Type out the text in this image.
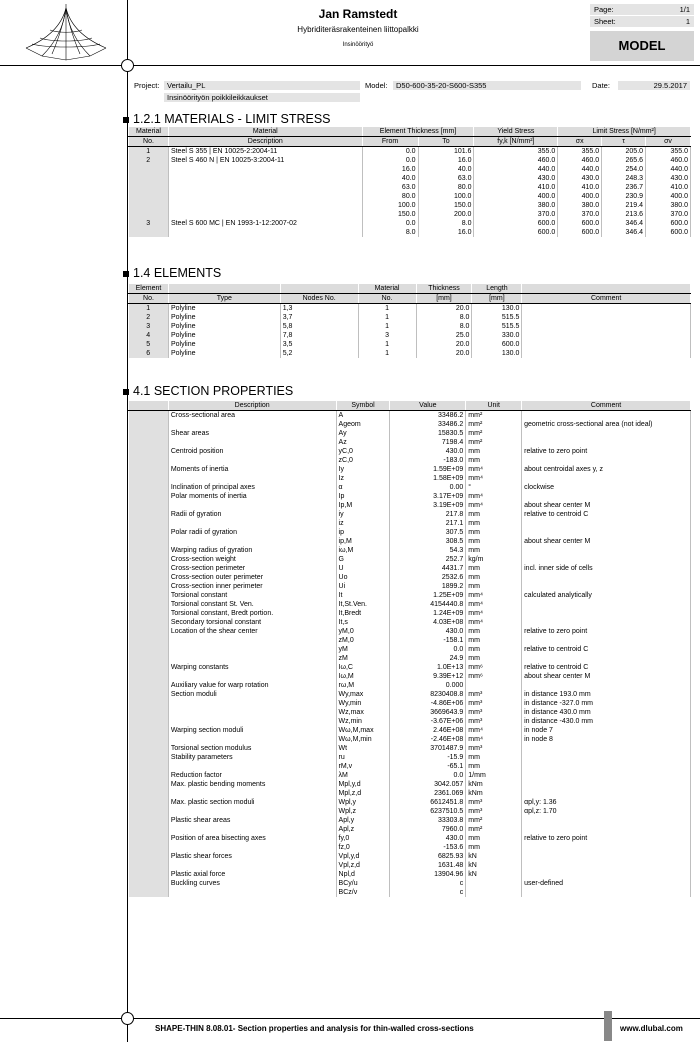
Jan Ramstedt
Hybriditeräsrakenteinen liittopalkki
Insinöörityö
Page:	1/1
Sheet:	1
MODEL
Project:	Vertailu_PL
Insinöörityön poikkileikkaukset
Model:	D50-600-35-20-S600-S355	Date:	29.5.2017
1.2.1 MATERIALS - LIMIT STRESS
Material	Material	Element Thickness [mm]		Yield Stress	Limit Stress [N/mm²]		
No.	Description	From	To	fy,k [N/mm²]	σx	τ	σv
1	Steel S 355 | EN 10025-2:2004-11	0.0	101.6	355.0	355.0	205.0	355.0
2	Steel S 460 N | EN 10025-3:2004-11	0.0	16.0	460.0	460.0	265.6	460.0
		16.0	40.0	440.0	440.0	254.0	440.0
		40.0	63.0	430.0	430.0	248.3	430.0
		63.0	80.0	410.0	410.0	236.7	410.0
		80.0	100.0	400.0	400.0	230.9	400.0
		100.0	150.0	380.0	380.0	219.4	380.0
		150.0	200.0	370.0	370.0	213.6	370.0
3	Steel S 600 MC | EN 1993-1-12:2007-02	0.0	8.0	600.0	600.0	346.4	600.0
		8.0	16.0	600.0	600.0	346.4	600.0
1.4 ELEMENTS
Element			Material	Thickness	Length	
No.	Type	Nodes No.	No.	[mm]	[mm]	Comment
1	Polyline	1,3	1	20.0	130.0	
2	Polyline	3,7	1	8.0	515.5	
3	Polyline	5,8	1	8.0	515.5	
4	Polyline	7,8	3	25.0	330.0	
5	Polyline	3,5	1	20.0	600.0	
6	Polyline	5,2	1	20.0	130.0	
4.1 SECTION PROPERTIES
	Description	Symbol	Value	Unit	Comment
	Cross-sectional area	A	33486.2	mm²	
		Ageom	33486.2	mm²	geometric cross-sectional area (not ideal)
	Shear areas	Ay	15830.5	mm²	
		Az	7198.4	mm²	
	Centroid position	yC,0	430.0	mm	relative to zero point
		zC,0	-183.0	mm	
	Moments of inertia	Iy	1.59E+09	mm⁴	about centroidal axes y, z
		Iz	1.58E+09	mm⁴	
	Inclination of principal axes	α	0.00	°	clockwise
	Polar moments of inertia	Ip	3.17E+09	mm⁴	
		Ip,M	3.19E+09	mm⁴	about shear center M
	Radii of gyration	iy	217.8	mm	relative to centroid C
		iz	217.1	mm	
	Polar radii of gyration	ip	307.5	mm	
		ip,M	308.5	mm	about shear center M
	Warping radius of gyration	iω,M	54.3	mm	
	Cross-section weight	G	252.7	kg/m	
	Cross-section perimeter	U	4431.7	mm	incl. inner side of cells
	Cross-section outer perimeter	Uo	2532.6	mm	
	Cross-section inner perimeter	Ui	1899.2	mm	
	Torsional constant	It	1.25E+09	mm⁴	calculated analytically
	Torsional constant St. Ven.	It,St.Ven.	4154440.8	mm⁴	
	Torsional constant, Bredt portion.	It,Bredt	1.24E+09	mm⁴	
	Secondary torsional constant	It,s	4.03E+08	mm⁴	
	Location of the shear center	yM,0	430.0	mm	relative to zero point
		zM,0	-158.1	mm	
		yM	0.0	mm	relative to centroid C
		zM	24.9	mm	
	Warping constants	Iω,C	1.0E+13	mm⁶	relative to centroid C
		Iω,M	9.39E+12	mm⁶	about shear center M
	Auxiliary value for warp rotation	rω,M	0.000		
	Section moduli	Wy,max	8230408.8	mm³	in distance 193.0 mm
		Wy,min	-4.86E+06	mm³	in distance -327.0 mm
		Wz,max	3669643.9	mm³	in distance 430.0 mm
		Wz,min	-3.67E+06	mm³	in distance -430.0 mm
	Warping section moduli	Wω,M,max	2.46E+08	mm⁴	in node 7
		Wω,M,min	-2.46E+08	mm⁴	in node 8
	Torsional section modulus	Wt	3701487.9	mm³	
	Stability parameters	ru	-15.9	mm	
		rM,v	-65.1	mm	
	Reduction factor	λM	0.0	1/mm	
	Max. plastic bending moments	Mpl,y,d	3042.057	kNm	
		Mpl,z,d	2361.069	kNm	
	Max. plastic section moduli	Wpl,y	6612451.8	mm³	αpl,y: 1.36
		Wpl,z	6237510.5	mm³	αpl,z: 1.70
	Plastic shear areas	Apl,y	33303.8	mm²	
		Apl,z	7960.0	mm²	
	Position of area bisecting axes	fy,0	430.0	mm	relative to zero point
		fz,0	-153.6	mm	
	Plastic shear forces	Vpl,y,d	6825.93	kN	
		Vpl,z,d	1631.48	kN	
	Plastic axial force	Npl,d	13904.96	kN	
	Buckling curves	BCy/u	c		user-defined
		BCz/v	c		
SHAPE-THIN 8.08.01- Section properties and analysis for thin-walled cross-sections	www.dlubal.com
